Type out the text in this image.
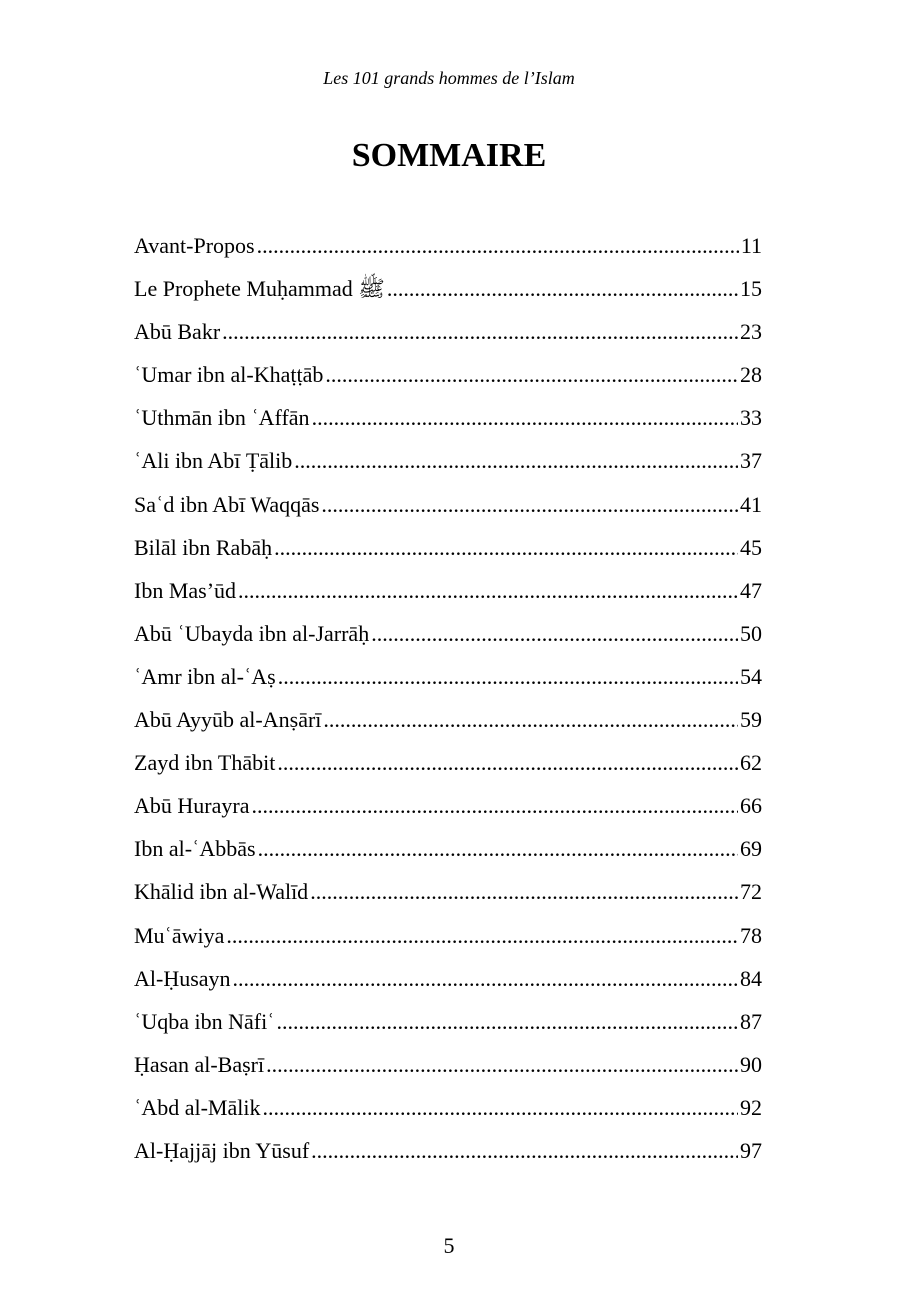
Les 101 grands hommes de l’Islam
SOMMAIRE
Avant-Propos .....	11
Le Prophete Muḥammad ﷺ .....	15
Abū Bakr .....	23
ʿUmar ibn al-Khaṭṭāb .....	28
ʿUthmān ibn ʿAffān .....	33
ʿAli ibn Abī Ṭālib .....	37
Saʿd ibn Abī Waqqās .....	41
Bilāl ibn Rabāḥ .....	45
Ibn Mas’ūd .....	47
Abū ʿUbayda ibn al-Jarrāḥ .....	50
ʿAmr ibn al-ʿAṣ .....	54
Abū Ayyūb al-Anṣārī .....	59
Zayd ibn Thābit .....	62
Abū Hurayra .....	66
Ibn al-ʿAbbās .....	69
Khālid ibn al-Walīd .....	72
Muʿāwiya .....	78
Al-Ḥusayn .....	84
ʿUqba ibn Nāfiʿ .....	87
Ḥasan al-Baṣrī .....	90
ʿAbd al-Mālik .....	92
Al-Ḥajjāj ibn Yūsuf .....	97
5
